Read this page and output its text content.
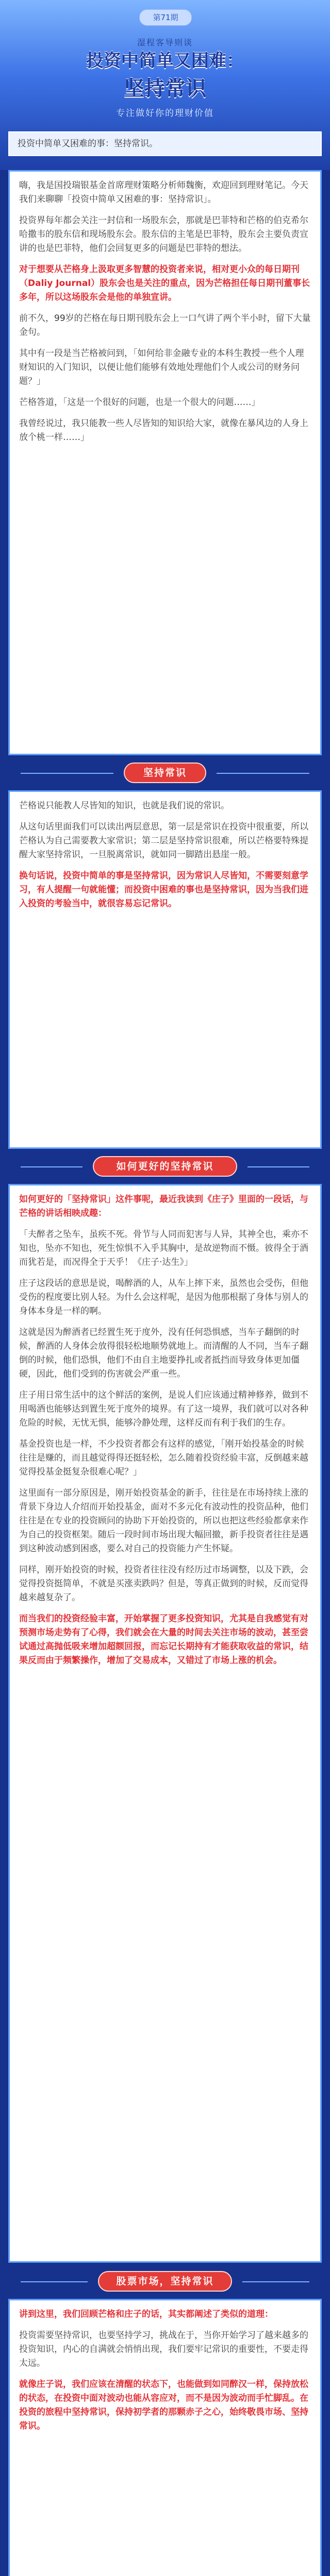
第71期
湿程客导则谈
投资中简单又困难：
坚持常识
专注做好你的理财价值
投资中简单又困难的事：坚持常识。

嗨，我是国投瑞银基金首席理财策略分析师魏衡，欢迎回到理财笔记。今天我们来聊聊「投资中简单又困难的事：坚持常识」。

投资界每年都会关注一封信和一场股东会，那就是巴菲特和芒格的伯克希尔哈撒韦的股东信和现场股东会。股东信的主笔是巴菲特，股东会主要负责宣讲的也是巴菲特，他们会回复更多的问题是巴菲特的想法。

对于想要从芒格身上汲取更多智慧的投资者来说，相对更小众的每日期刊（Daliy Journal）股东会也是关注的重点，因为芒格担任每日期刊董事长多年，所以这场股东会是他的单独宣讲。

前不久，99岁的芒格在每日期刊股东会上一口气讲了两个半小时，留下大量金句。

其中有一段是当芒格被问到，「如何给非金融专业的本科生教授一些个人理财知识的入门知识，以便让他们能够有效地处理他们个人或公司的财务问题？」

芒格答道，「这是一个很好的问题，也是一个很大的问题……」

我曾经说过，我只能教一些人尽皆知的知识给大家，就像在暴风边的人身上放个桃一样……」

坚持常识

芒格说只能教人尽皆知的知识，也就是我们说的常识。

从这句话里面我们可以读出两层意思，第一层是常识在投资中很重要，所以芒格认为自己需要教大家常识；第二层是坚持常识很难，所以芒格要特殊提醒大家坚持常识，一旦脱离常识，就如同一脚踏出悬崖一般。

换句话说，投资中简单的事是坚持常识，因为常识人尽皆知，不需要刻意学习，有人提醒一句就能懂；而投资中困难的事也是坚持常识，因为当我们进入投资的考验当中，就很容易忘记常识。

如何更好的坚持常识

如何更好的「坚持常识」这件事呢，最近我读到《庄子》里面的一段话，与芒格的讲话相映成趣：

「夫醉者之坠车，虽疾不死。骨节与人同而犯害与人异，其神全也，乘亦不知也，坠亦不知也，死生惊惧不入乎其胸中，是故逆物而不慑。彼得全于酒而犹若是，而况得全于天乎！《庄子·达生》」

庄子这段话的意思是说，喝醉酒的人，从车上摔下来，虽然也会受伤，但他受伤的程度要比别人轻。为什么会这样呢，是因为他那根据了身体与别人的身体本身是一样的啊。

这就是因为醉酒者已经置生死于度外，没有任何恐惧感，当车子翻倒的时候，醉酒的人身体会放得很轻松地顺势就地上。而清醒的人不同，当车子翻倒的时候，他们恐惧，他们不由自主地要挣扎或者抵挡而导致身体更加僵硬，因此，他们受到的伤害就会严重一些。

庄子用日常生活中的这个鲜活的案例，是说人们应该通过精神修养，做到不用喝酒也能够达到置生死于度外的境界。有了这一境界，我们就可以对各种危险的时候，无忧无惧，能够冷静处理，这样反而有利于我们的生存。

基金投资也是一样，不少投资者都会有这样的感觉，「刚开始投基金的时候往往是赚的，而且越觉得得还挺轻松，怎么随着投资经验丰富，反倒越来越觉得投基金挺复杂很难心呢？」

这里面有一部分原因是，刚开始投资基金的新手，往往是在市场持续上涨的背景下身边人介绍而开始投基金，面对不多元化有波动性的投资品种，他们往往是在专业的投资顾问的协助下开始投资的，所以也把这些经验都拿来作为自己的投资框架。随后一段时间市场出现大幅回撤，新手投资者往往是遇到这种波动感到困惑，要么对自己的投资能力产生怀疑。

同样，刚开始投资的时候，投资者往往没有经历过市场调整，以及下跌，会觉得投资挺简单，不就是买涨卖跌吗？但是，等真正做到的时候，反而觉得越来越复杂了。

而当我们的投资经验丰富，开始掌握了更多投资知识，尤其是自我感觉有对预测市场走势有了心得，我们就会在大量的时间去关注市场的波动，甚至尝试通过高抛低吸来增加超额回报，而忘记长期持有才能获取收益的常识，结果反而由于频繁操作，增加了交易成本，又错过了市场上涨的机会。

股票市场，坚持常识

讲到这里，我们回顾芒格和庄子的话，其实都阐述了类似的道理：

投资需要坚持常识，也要坚持学习，挑战在于，当你开始学习了越来越多的投资知识，内心的自满就会悄悄出现，我们要牢记常识的重要性，不要走得太远。

就像庄子说，我们应该在清醒的状态下，也能做到如同醉汉一样，保持放松的状态，在投资中面对波动也能从容应对，而不是因为波动而手忙脚乱。在投资的旅程中坚持常识，保持初学者的那颗赤子之心，始终敬畏市场、坚持常识。
